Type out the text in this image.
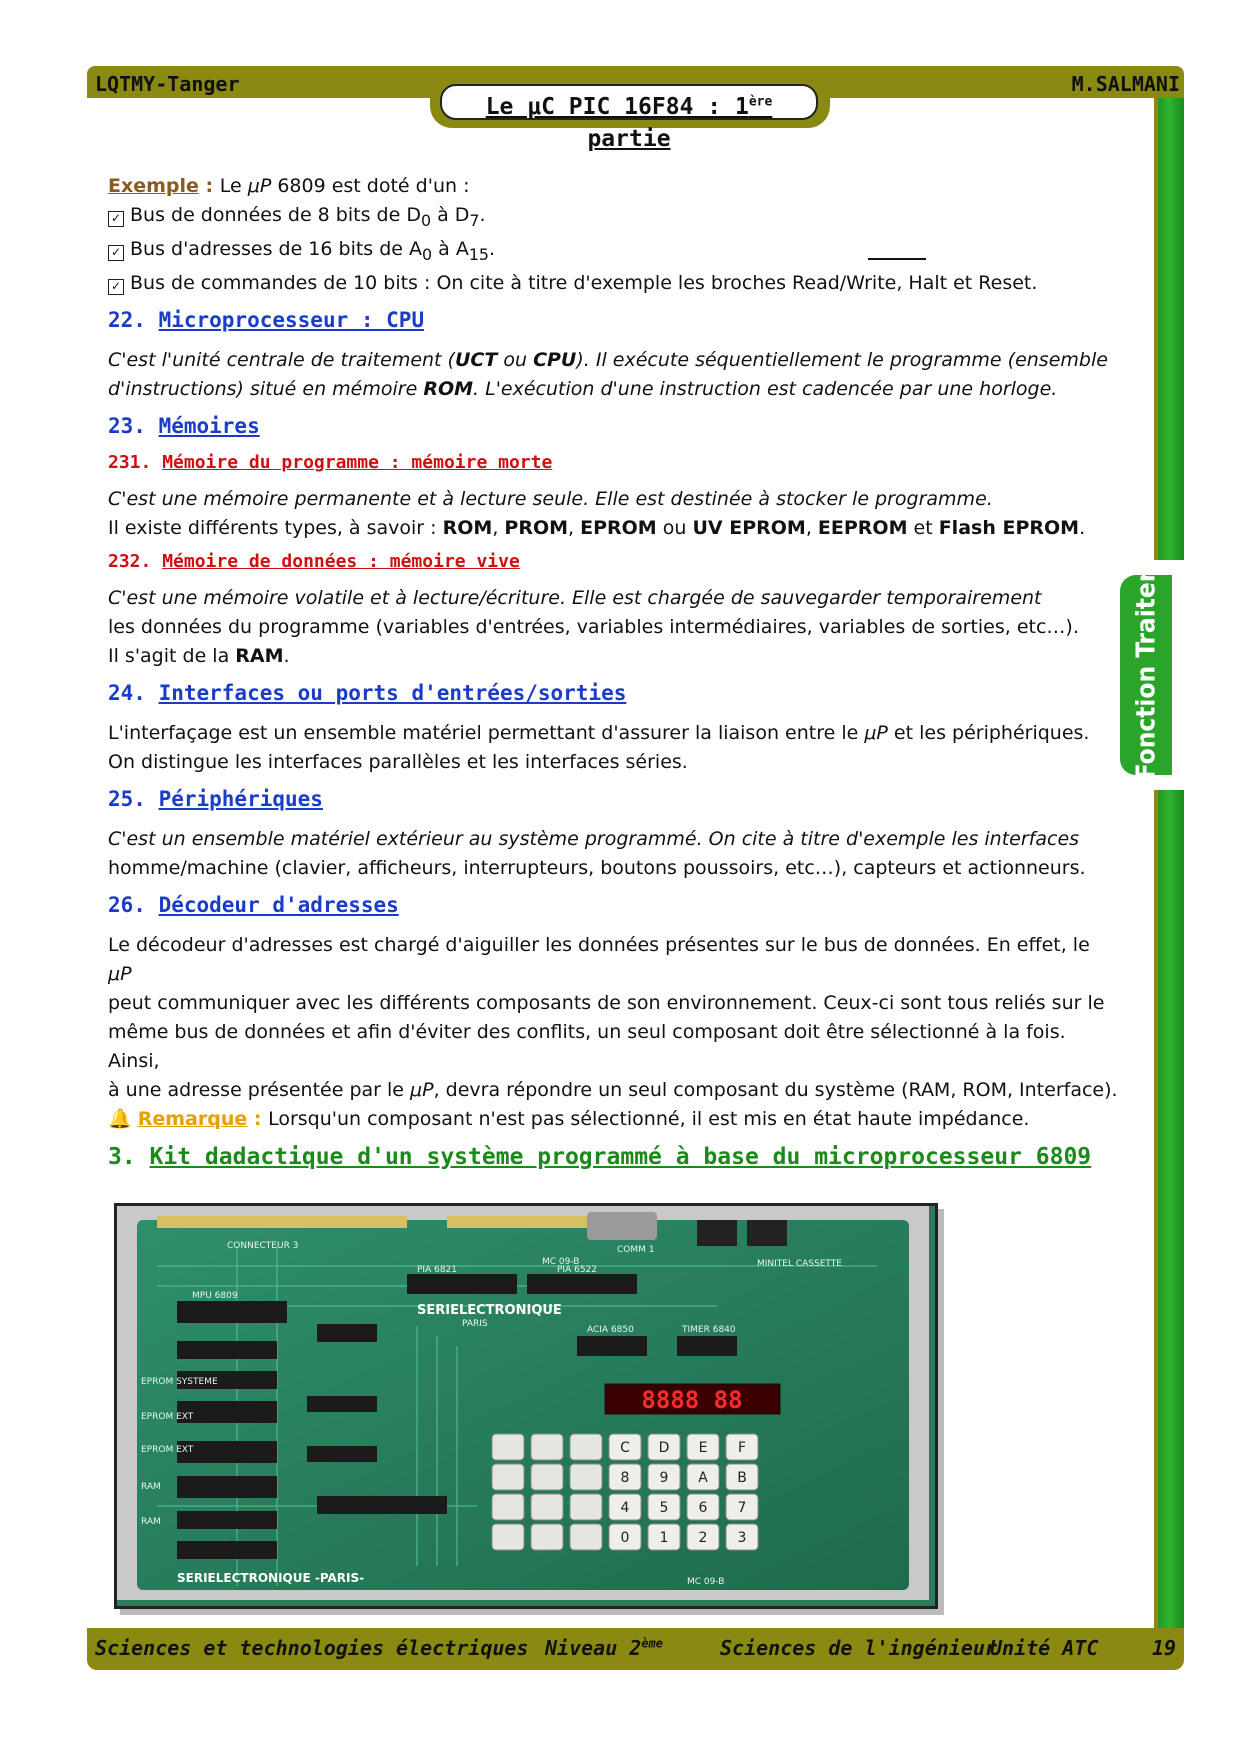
LQTMY-Tanger	M.SALMANI
Le μC PIC 16F84 : 1ère partie
Fonction Traiter

Exemple : Le μP 6809 est doté d'un :

✓ Bus de données de 8 bits de $D_0$ à $D_7$.

✓ Bus d'adresses de 16 bits de $A_0$ à $A_{15}$.

✓ Bus de commandes de 10 bits : On cite à titre d'exemple les broches Read/Write, Halt et Reset.

22. Microprocesseur : CPU

C'est l'unité centrale de traitement (UCT ou CPU). Il exécute séquentiellement le programme (ensemble d'instructions) situé en mémoire ROM. L'exécution d'une instruction est cadencée par une horloge.

23. Mémoires
231. Mémoire du programme : mémoire morte

C'est une mémoire permanente et à lecture seule. Elle est destinée à stocker le programme.

Il existe différents types, à savoir : ROM, PROM, EPROM ou UV EPROM, EEPROM et Flash EPROM.

232. Mémoire de données : mémoire vive

C'est une mémoire volatile et à lecture/écriture. Elle est chargée de sauvegarder temporairement

les données du programme (variables d'entrées, variables intermédiaires, variables de sorties, etc…).

Il s'agit de la RAM.

24. Interfaces ou ports d'entrées/sorties

L'interfaçage est un ensemble matériel permettant d'assurer la liaison entre le μP et les périphériques.

On distingue les interfaces parallèles et les interfaces séries.

25. Périphériques

C'est un ensemble matériel extérieur au système programmé. On cite à titre d'exemple les interfaces

homme/machine (clavier, afficheurs, interrupteurs, boutons poussoirs, etc…), capteurs et actionneurs.

26. Décodeur d'adresses

Le décodeur d'adresses est chargé d'aiguiller les données présentes sur le bus de données. En effet, le μP

peut communiquer avec les différents composants de son environnement. Ceux-ci sont tous reliés sur le

même bus de données et afin d'éviter des conflits, un seul composant doit être sélectionné à la fois. Ainsi,

à une adresse présentée par le μP, devra répondre un seul composant du système (RAM, ROM, Interface).

🔔 Remarque : Lorsqu'un composant n'est pas sélectionné, il est mis en état haute impédance.

3. Kit dadactique d'un système programmé à base du microprocesseur 6809
8888 88
CONNECTEUR 3
MC 09-B
COMM 1
MINITEL CASSETTE
PIA 6821	PIA 6522
MPU 6809
ACIA 6850	TIMER 6840
EPROM SYSTEME
EPROM EXT
EPROM EXT
RAM
RAM
MC 09-B
SERIELECTRONIQUE
PARIS
SERIELECTRONIQUE -PARIS-
C D E F
8 9 A B
4 5 6 7
0 1 2 3
Sciences et technologies électriques Niveau 2ème	Sciences de l'ingénieur
Unité ATC	19
